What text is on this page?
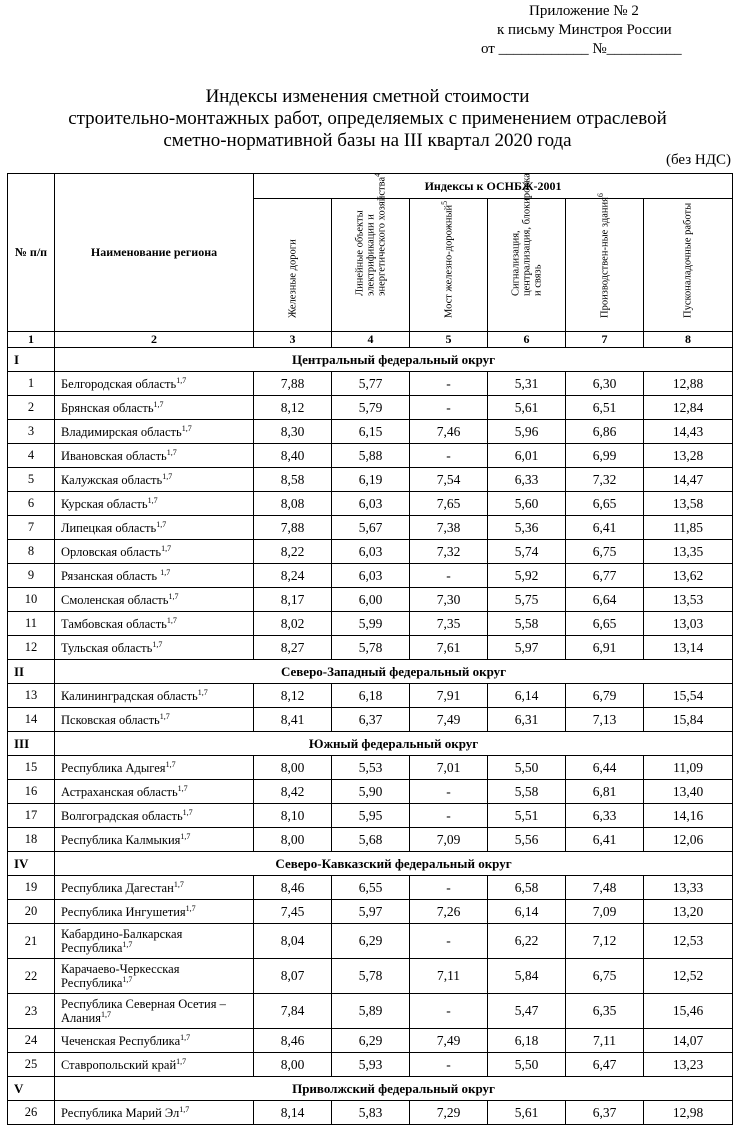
Приложение № 2
к письму Минстроя России
от ____________ №__________
Индексы изменения сметной стоимости
строительно-монтажных работ, определяемых с применением отраслевой
сметно-нормативной базы на III квартал 2020 года
(без НДС)
№ п/п	Наименование региона	Индексы к ОСНБЖ-2001					

		Железные дороги	Линейные объекты электрификации и энергетического хозяйства$^4$	Мост железно-дорожный$^5$	Сигнализация, централизация, блокировка и связь	Производствен-ные здания$^6$	Пусконаладочные работы

1	2	3	4	5	6	7	8
I	Центральный федеральный округ						
1	Белгородская область$^{1,7}$	7,88	5,77	-	5,31	6,30	12,88
2	Брянская область$^{1,7}$	8,12	5,79	-	5,61	6,51	12,84
3	Владимирская область$^{1,7}$	8,30	6,15	7,46	5,96	6,86	14,43
4	Ивановская область$^{1,7}$	8,40	5,88	-	6,01	6,99	13,28
5	Калужская область$^{1,7}$	8,58	6,19	7,54	6,33	7,32	14,47
6	Курская область$^{1,7}$	8,08	6,03	7,65	5,60	6,65	13,58
7	Липецкая область$^{1,7}$	7,88	5,67	7,38	5,36	6,41	11,85
8	Орловская область$^{1,7}$	8,22	6,03	7,32	5,74	6,75	13,35
9	Рязанская область $^{1,7}$	8,24	6,03	-	5,92	6,77	13,62
10	Смоленская область$^{1,7}$	8,17	6,00	7,30	5,75	6,64	13,53
11	Тамбовская область$^{1,7}$	8,02	5,99	7,35	5,58	6,65	13,03
12	Тульская область$^{1,7}$	8,27	5,78	7,61	5,97	6,91	13,14
II	Северо-Западный федеральный округ						
13	Калининградская область$^{1,7}$	8,12	6,18	7,91	6,14	6,79	15,54
14	Псковская область$^{1,7}$	8,41	6,37	7,49	6,31	7,13	15,84
III	Южный федеральный округ						
15	Республика Адыгея$^{1,7}$	8,00	5,53	7,01	5,50	6,44	11,09
16	Астраханская область$^{1,7}$	8,42	5,90	-	5,58	6,81	13,40
17	Волгоградская область$^{1,7}$	8,10	5,95	-	5,51	6,33	14,16
18	Республика Калмыкия$^{1,7}$	8,00	5,68	7,09	5,56	6,41	12,06
IV	Северо-Кавказский федеральный округ						
19	Республика Дагестан$^{1,7}$	8,46	6,55	-	6,58	7,48	13,33
20	Республика Ингушетия$^{1,7}$	7,45	5,97	7,26	6,14	7,09	13,20
21	Кабардино-Балкарская Республика$^{1,7}$	8,04	6,29	-	6,22	7,12	12,53
22	Карачаево-Черкесская Республика$^{1,7}$	8,07	5,78	7,11	5,84	6,75	12,52
23	Республика Северная Осетия – Алания$^{1,7}$	7,84	5,89	-	5,47	6,35	15,46
24	Чеченская Республика$^{1,7}$	8,46	6,29	7,49	6,18	7,11	14,07
25	Ставропольский край$^{1,7}$	8,00	5,93	-	5,50	6,47	13,23
V	Приволжский федеральный округ						
26	Республика Марий Эл$^{1,7}$	8,14	5,83	7,29	5,61	6,37	12,98
